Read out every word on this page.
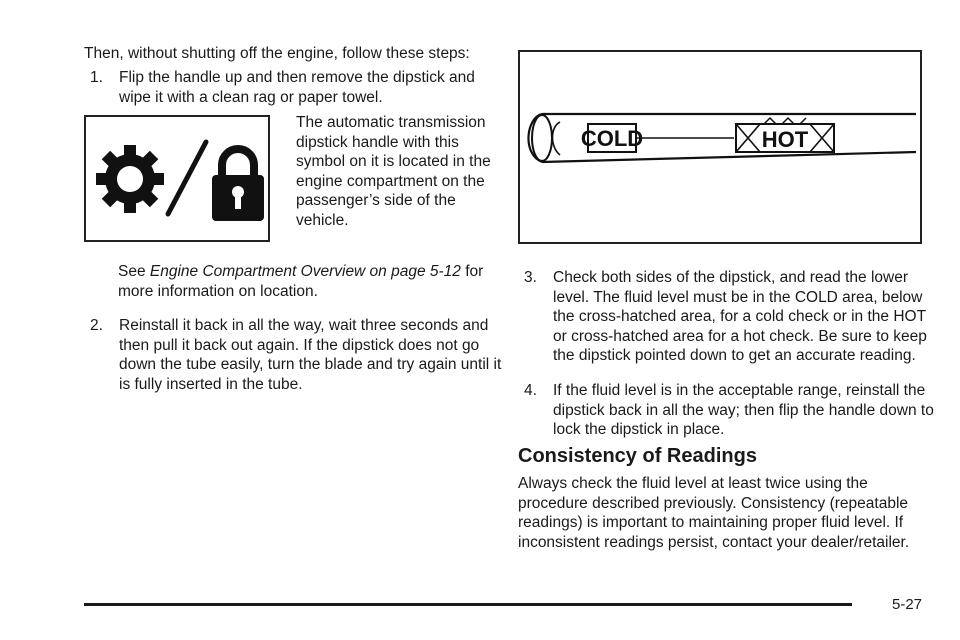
Then, without shutting off the engine, follow these steps:
1. Flip the handle up and then remove the dipstick and wipe it with a clean rag or paper towel.
The automatic transmission dipstick handle with this symbol on it is located in the engine compartment on the passenger’s side of the vehicle.
See Engine Compartment Overview on page 5-12 for more information on location.
2. Reinstall it back in all the way, wait three seconds and then pull it back out again. If the dipstick does not go down the tube easily, turn the blade and try again until it is fully inserted in the tube.
COLD	HOT
3. Check both sides of the dipstick, and read the lower level. The fluid level must be in the COLD area, below the cross-hatched area, for a cold check or in the HOT or cross-hatched area for a hot check. Be sure to keep the dipstick pointed down to get an accurate reading.
4. If the fluid level is in the acceptable range, reinstall the dipstick back in all the way; then flip the handle down to lock the dipstick in place.
Consistency of Readings
Always check the fluid level at least twice using the procedure described previously. Consistency (repeatable readings) is important to maintaining proper fluid level. If inconsistent readings persist, contact your dealer/retailer.
5-27
